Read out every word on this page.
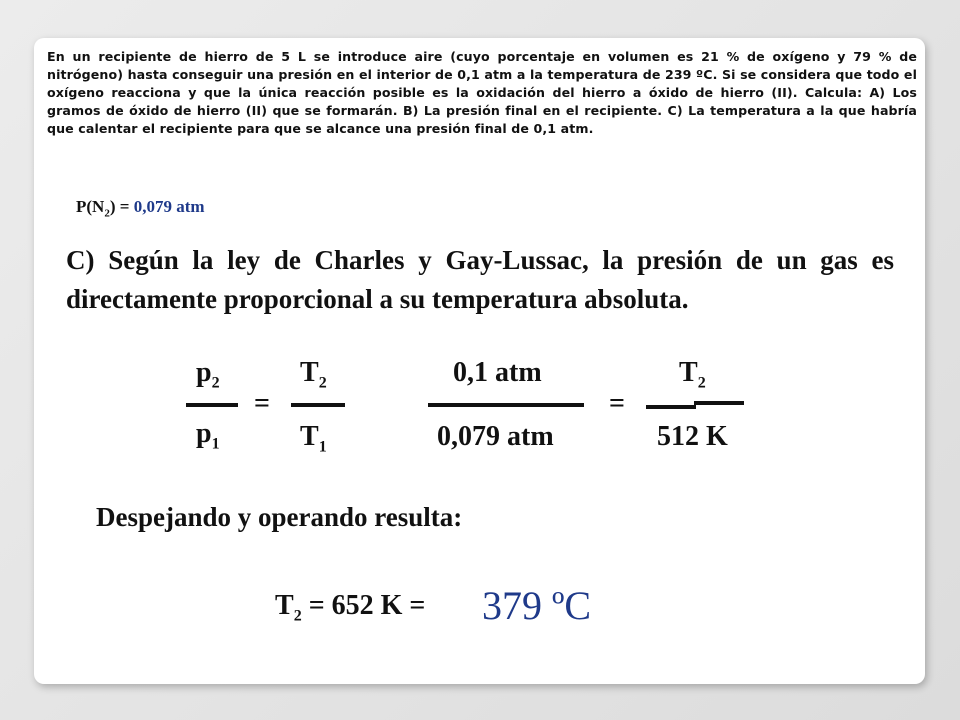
En un recipiente de hierro de 5 L se introduce aire (cuyo porcentaje en volumen es 21 % de oxígeno y 79 % de nitrógeno) hasta conseguir una presión en el interior de 0,1 atm a la temperatura de 239 ºC. Si se considera que todo el oxígeno reacciona y que la única reacción posible es la oxidación del hierro a óxido de hierro (II). Calcula: A) Los gramos de óxido de hierro (II) que se formarán. B) La presión final en el recipiente. C) La temperatura a la que habría que calentar el recipiente para que se alcance una presión final de 0,1 atm.
$P(N_2) = 0,079$ atm
C) Según la ley de Charles y Gay-Lussac, la presión de un gas es directamente proporcional a su temperatura absoluta.
$p_2$
$p_1$
=
$T_2$
$T_1$
0,1 atm
0,079 atm
=
$T_2$
512 K
Despejando y operando resulta:
$T_2 = 652$ K = 379 ºC
